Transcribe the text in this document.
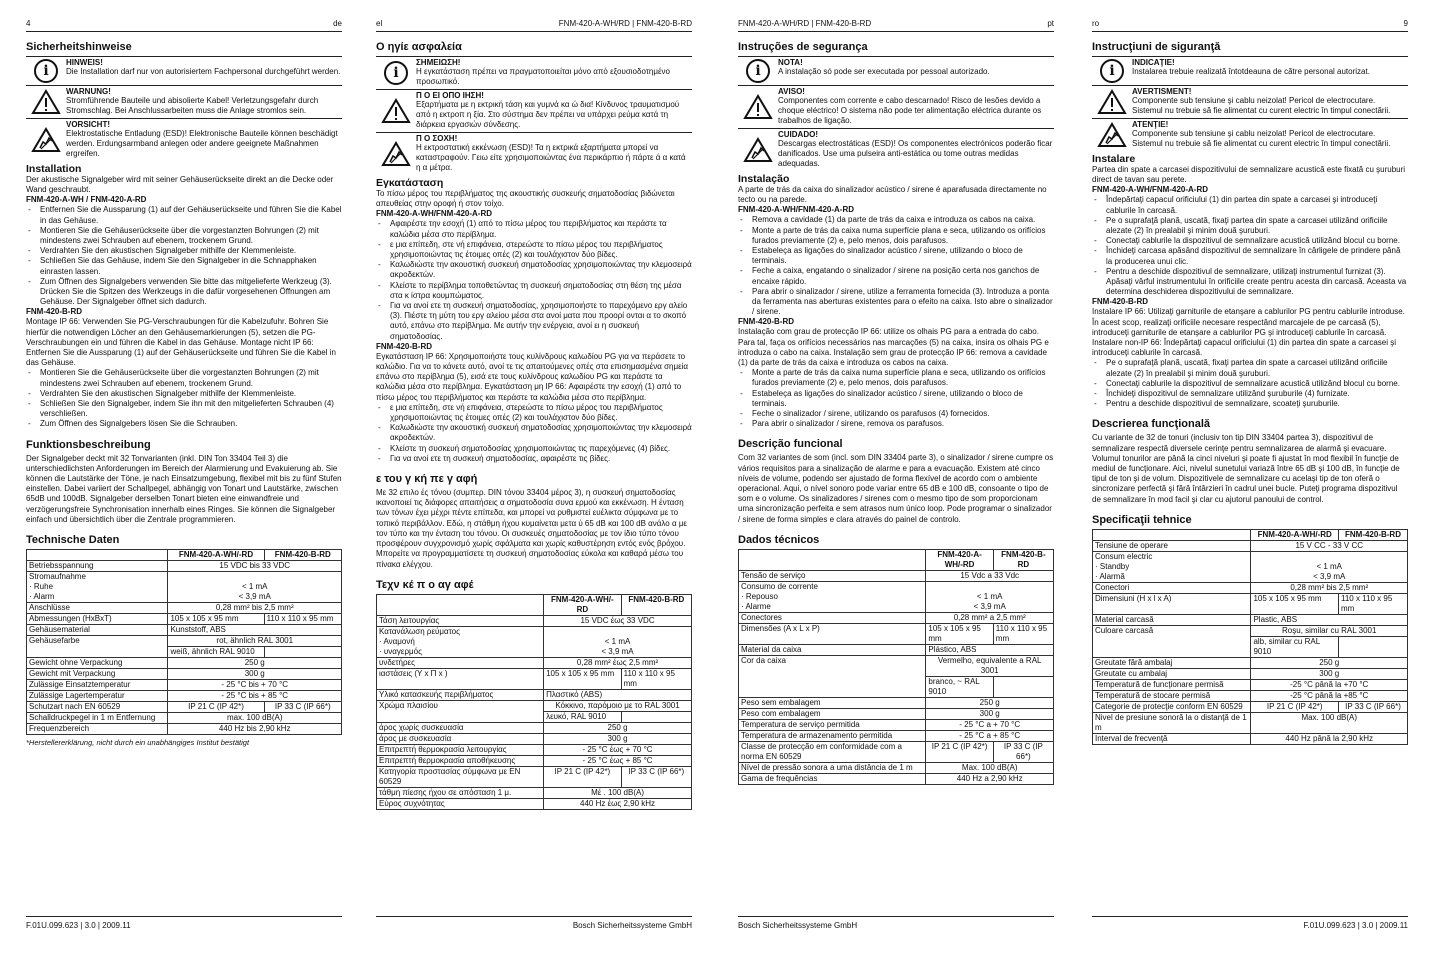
4	de
Sicherheitshinweise
i
HINWEIS!
Die Installation darf nur von autorisiertem Fachpersonal durchgeführt werden.
WARNUNG!
Stromführende Bauteile und abisolierte Kabel! Verletzungsgefahr durch Stromschlag. Bei Anschlussarbeiten muss die Anlage stromlos sein.
VORSICHT!
Elektrostatische Entladung (ESD)! Elektronische Bauteile können beschädigt werden. Erdungsarmband anlegen oder andere geeignete Maßnahmen ergreifen.
Installation

Der akustische Signalgeber wird mit seiner Gehäuserückseite direkt an die Decke oder Wand geschraubt.

FNM-420-A-WH / FNM-420-A-RD
- Entfernen Sie die Aussparung (1) auf der Gehäuserückseite und führen Sie die Kabel in das Gehäuse.
- Montieren Sie die Gehäuserückseite über die vorgestanzten Bohrungen (2) mit mindestens zwei Schrauben auf ebenem, trockenem Grund.
- Verdrahten Sie den akustischen Signalgeber mithilfe der Klemmenleiste.
- Schließen Sie das Gehäuse, indem Sie den Signalgeber in die Schnapphaken einrasten lassen.
- Zum Öffnen des Signalgebers verwenden Sie bitte das mitgelieferte Werkzeug (3). Drücken Sie die Spitzen des Werkzeugs in die dafür vorgesehenen Öffnungen am Gehäuse. Der Signalgeber öffnet sich dadurch.
FNM-420-B-RD

Montage IP 66: Verwenden Sie PG-Verschraubungen für die Kabelzufuhr. Bohren Sie hierfür die notwendigen Löcher an den Gehäusemarkierungen (5), setzen die PG-Verschraubungen ein und führen die Kabel in das Gehäuse. Montage nicht IP 66: Entfernen Sie die Aussparung (1) auf der Gehäuserückseite und führen Sie die Kabel in das Gehäuse.

- Montieren Sie die Gehäuserückseite über die vorgestanzten Bohrungen (2) mit mindestens zwei Schrauben auf ebenem, trockenem Grund.
- Verdrahten Sie den akustischen Signalgeber mithilfe der Klemmenleiste.
- Schließen Sie den Signalgeber, indem Sie ihn mit den mitgelieferten Schrauben (4) verschließen.
- Zum Öffnen des Signalgebers lösen Sie die Schrauben.
Funktionsbeschreibung

Der Signalgeber deckt mit 32 Tonvarianten (inkl. DIN Ton 33404 Teil 3) die unterschiedlichsten Anforderungen im Bereich der Alarmierung und Evakuierung ab. Sie können die Lautstärke der Töne, je nach Einsatzumgebung, flexibel mit bis zu fünf Stufen einstellen. Dabei variiert der Schallpegel, abhängig von Tonart und Lautstärke, zwischen 65dB und 100dB. Signalgeber derselben Tonart bieten eine einwandfreie und verzögerungsfreie Synchronisation innerhalb eines Ringes. Sie können die Signalgeber einfach und übersichtlich über die Zentrale programmieren.

Technische Daten
	FNM-420-A-WH/-RD	FNM-420-B-RD
Betriebsspannung	15 VDC bis 33 VDC	
Stromaufnahme
· Ruhe
· Alarm	< 1 mA
< 3,9 mA	
Anschlüsse	0,28 mm² bis 2,5 mm²	
Abmessungen (HxBxT)	105 x 105 x 95 mm	110 x 110 x 95 mm
Gehäusematerial	Kunststoff, ABS	
Gehäusefarbe	rot, ähnlich RAL 3001	
	weiß, ähnlich RAL 9010	
Gewicht ohne Verpackung	250 g	
Gewicht mit Verpackung	300 g	
Zulässige Einsatztemperatur	- 25 °C bis + 70 °C	
Zulässige Lagertemperatur	- 25 °C bis + 85 °C	
Schutzart nach EN 60529	IP 21 C (IP 42*)	IP 33 C (IP 66*)
Schalldruckpegel in 1 m Entfernung	max. 100 dB(A)	
Frequenzbereich	440 Hz bis 2,90 kHz	
*Herstellererklärung, nicht durch ein unabhängiges Institut bestätigt
F.01U.099.623 | 3.0 | 2009.11
el	FNM-420-A-WH/RD | FNM-420-B-RD
Ο ηγίε ασφαλεία
i
ΣΗΜΕΙΩΣΗ!
Η εγκατάσταση πρέπει να πραγματοποιείται μόνο από εξουσιοδοτημένο προσωπικό.
Π Ο ΕΙ ΟΠΟ ΙΗΣΗ!
Εξαρτήματα με η εκτρική τάση και γυμνά κα ώ δια! Κίνδυνος τραυματισμού από η εκτροπ η ξία. Στο σύστημα δεν πρέπει να υπάρχει ρεύμα κατά τη διάρκεια εργασιών σύνδεσης.
Π Ο ΣΟΧΗ!
Η εκτροστατική εκκένωση (ESD)! Τα η εκτρικά εξαρτήματα μπορεί να καταστραφούν. Γειω είτε χρησιμοποιώντας ένα περικάρπιο ή πάρτε ά α κατά η α μέτρα.
Εγκατάσταση

Το πίσω μέρος του περιβλήματος της ακουστικής συσκευής σηματοδοσίας βιδώνεται απευθείας στην οροφή ή στον τοίχο.

FNM-420-A-WH/FNM-420-A-RD
- Αφαιρέστε την εσοχή (1) από το πίσω μέρος του περιβλήματος και περάστε τα καλώδια μέσα στο περίβλημα.
- ε μια επίπεδη, στε νή επιφάνεια, στερεώστε το πίσω μέρος του περιβλήματος χρησιμοποιώντας τις έτοιμες οπές (2) και τουλάχιστον δύο βίδες.
- Καλωδιώστε την ακουστική συσκευή σηματοδοσίας χρησιμοποιώντας την κλεμοσειρά ακροδεκτών.
- Κλείστε το περίβλημα τοποθετώντας τη συσκευή σηματοδοσίας στη θέση της μέσα στα κ ίστρα κουμπώματος.
- Για να ανοί ετε τη συσκευή σηματοδοσίας, χρησιμοποιήστε το παρεχόμενο εργ αλείο (3). Πιέστε τη μύτη του εργ αλείου μέσα στα ανοί ματα που προορί ονται α το σκοπό αυτό, επάνω στο περίβλημα. Με αυτήν την ενέργεια, ανοί ει η συσκευή σηματοδοσίας.
FNM-420-B-RD

Εγκατάσταση IP 66: Χρησιμοποιήστε τους κυλίνδρους καλωδίου PG για να περάσετε το καλώδιο. Για να το κάνετε αυτό, ανοί τε τις απαιτούμενες οπές στα επισημασμένα σημεία επάνω στο περίβλημα (5), εισά ετε τους κυλίνδρους καλωδίου PG και περάστε τα καλώδια μέσα στο περίβλημα. Εγκατάσταση μη IP 66: Αφαιρέστε την εσοχή (1) από το πίσω μέρος του περιβλήματος και περάστε τα καλώδια μέσα στο περίβλημα.

- ε μια επίπεδη, στε νή επιφάνεια, στερεώστε το πίσω μέρος του περιβλήματος χρησιμοποιώντας τις έτοιμες οπές (2) και τουλάχιστον δύο βίδες.
- Καλωδιώστε την ακουστική συσκευή σηματοδοσίας χρησιμοποιώντας την κλεμοσειρά ακροδεκτών.
- Κλείστε τη συσκευή σηματοδοσίας χρησιμοποιώντας τις παρεχόμενες (4) βίδες.
- Για να ανοί ετε τη συσκευή σηματοδοσίας, αφαιρέστε τις βίδες.
ε του γ κή πε γ αφή

Με 32 επιλο ές τόνου (συμπερ. DIN τόνου 33404 μέρος 3), η συσκευή σηματοδοσίας ικανοποιεί τις διάφορες απαιτήσεις α σηματοδοσία συνα ερμού και εκκένωση. Η ένταση των τόνων έχει μέχρι πέντε επίπεδα, και μπορεί να ρυθμιστεί ευέλικτα σύμφωνα με το τοπικό περιβάλλον. Εδώ, η στάθμη ήχου κυμαίνεται μετα ύ 65 dB και 100 dB ανάλο α με τον τύπο και την ένταση του τόνου. Οι συσκευές σηματοδοσίας με τον ίδιο τύπο τόνου προσφέρουν συγχρονισμό χωρίς σφάλματα και χωρίς καθυστέρηση εντός ενός βρόχου. Μπορείτε να προγραμματίσετε τη συσκευή σηματοδοσίας εύκολα και καθαρά μέσω του πίνακα ελέγχου.

Τεχν κέ π ο αγ αφέ
	FNM-420-A-WH/-RD	FNM-420-B-RD
Τάση λειτουργίας	15 VDC έως 33 VDC	
Κατανάλωση ρεύματος
· Αναμονή
· υναγερμός	< 1 mA
< 3,9 mA	
υνδετήρες	0,28 mm² έως 2,5 mm²	
ιαστάσεις (Υ x Π x )	105 x 105 x 95 mm	110 x 110 x 95 mm
Υλικό κατασκευής περιβλήματος	Πλαστικό (ABS)	
Χρώμα πλαισίου	Κόκκινο, παρόμοιο με το RAL 3001	
	λευκό, RAL 9010	
άρος χωρίς συσκευασία	250 g	
άρος με συσκευασία	300 g	
Επιτρεπτή θερμοκρασία λειτουργίας	- 25 °C έως + 70 °C	
Επιτρεπτή θερμοκρασία αποθήκευσης	- 25 °C έως + 85 °C	
Κατηγορία προστασίας σύμφωνα με EN 60529	IP 21 C (IP 42*)	IP 33 C (IP 66*)
τάθμη πίεσης ήχου σε απόσταση 1 μ.	Μέ . 100 dB(A)	
Εύρος συχνότητας	440 Hz έως 2,90 kHz	
Bosch Sicherheitssysteme GmbH
FNM-420-A-WH/RD | FNM-420-B-RD	pt
Instruções de segurança
i
NOTA!
A instalação só pode ser executada por pessoal autorizado.
AVISO!
Componentes com corrente e cabo descarnado! Risco de lesões devido a choque eléctrico! O sistema não pode ter alimentação eléctrica durante os trabalhos de ligação.
CUIDADO!
Descargas electrostáticas (ESD)! Os componentes electrónicos poderão ficar danificados. Use uma pulseira anti-estática ou tome outras medidas adequadas.
Instalação

A parte de trás da caixa do sinalizador acústico / sirene é aparafusada directamente no tecto ou na parede.

FNM-420-A-WH/FNM-420-A-RD
- Remova a cavidade (1) da parte de trás da caixa e introduza os cabos na caixa.
- Monte a parte de trás da caixa numa superfície plana e seca, utilizando os orifícios furados previamente (2) e, pelo menos, dois parafusos.
- Estabeleça as ligações do sinalizador acústico / sirene, utilizando o bloco de terminais.
- Feche a caixa, engatando o sinalizador / sirene na posição certa nos ganchos de encaixe rápido.
- Para abrir o sinalizador / sirene, utilize a ferramenta fornecida (3). Introduza a ponta da ferramenta nas aberturas existentes para o efeito na caixa. Isto abre o sinalizador / sirene.
FNM-420-B-RD

Instalação com grau de protecção IP 66: utilize os olhais PG para a entrada do cabo. Para tal, faça os orifícios necessários nas marcações (5) na caixa, insira os olhais PG e introduza o cabo na caixa. Instalação sem grau de protecção IP 66: remova a cavidade (1) da parte de trás da caixa e introduza os cabos na caixa.

- Monte a parte de trás da caixa numa superfície plana e seca, utilizando os orifícios furados previamente (2) e, pelo menos, dois parafusos.
- Estabeleça as ligações do sinalizador acústico / sirene, utilizando o bloco de terminais.
- Feche o sinalizador / sirene, utilizando os parafusos (4) fornecidos.
- Para abrir o sinalizador / sirene, remova os parafusos.
Descrição funcional

Com 32 variantes de som (incl. som DIN 33404 parte 3), o sinalizador / sirene cumpre os vários requisitos para a sinalização de alarme e para a evacuação. Existem até cinco níveis de volume, podendo ser ajustado de forma flexível de acordo com o ambiente operacional. Aqui, o nível sonoro pode variar entre 65 dB e 100 dB, consoante o tipo de som e o volume. Os sinalizadores / sirenes com o mesmo tipo de som proporcionam uma sincronização perfeita e sem atrasos num único loop. Pode programar o sinalizador / sirene de forma simples e clara através do painel de controlo.

Dados técnicos
	FNM-420-A-WH/-RD	FNM-420-B-RD
Tensão de serviço	15 Vdc a 33 Vdc	
Consumo de corrente
· Repouso
· Alarme	< 1 mA
< 3,9 mA	
Conectores	0,28 mm² a 2,5 mm²	
Dimensões (A x L x P)	105 x 105 x 95 mm	110 x 110 x 95 mm
Material da caixa	Plástico, ABS	
Cor da caixa	Vermelho, equivalente a RAL 3001	
	branco, ~ RAL 9010	
Peso sem embalagem	250 g	
Peso com embalagem	300 g	
Temperatura de serviço permitida	- 25 °C a + 70 °C	
Temperatura de armazenamento permitida	- 25 °C a + 85 °C	
Classe de protecção em conformidade com a norma EN 60529	IP 21 C (IP 42*)	IP 33 C (IP 66*)
Nível de pressão sonora a uma distância de 1 m	Max. 100 dB(A)	
Gama de frequências	440 Hz a 2,90 kHz	
Bosch Sicherheitssysteme GmbH
ro	9
Instrucţiuni de siguranţă
i
INDICAŢIE!
Instalarea trebuie realizată întotdeauna de către personal autorizat.
AVERTISMENT!
Componente sub tensiune şi cablu neizolat! Pericol de electrocutare. Sistemul nu trebuie să fie alimentat cu curent electric în timpul conectării.
ATENŢIE!
Componente sub tensiune şi cablu neizolat! Pericol de electrocutare. Sistemul nu trebuie să fie alimentat cu curent electric în timpul conectării.
Instalare

Partea din spate a carcasei dispozitivului de semnalizare acustică este fixată cu şuruburi direct de tavan sau perete.

FNM-420-A-WH/FNM-420-A-RD
- Îndepărtaţi capacul orificiului (1) din partea din spate a carcasei şi introduceţi cablurile în carcasă.
- Pe o suprafaţă plană, uscată, fixaţi partea din spate a carcasei utilizând orificiile alezate (2) în prealabil şi minim două şuruburi.
- Conectaţi cablurile la dispozitivul de semnalizare acustică utilizând blocul cu borne.
- Închideţi carcasa apăsând dispozitivul de semnalizare în cârligele de prindere până la producerea unui clic.
- Pentru a deschide dispozitivul de semnalizare, utilizaţi instrumentul furnizat (3). Apăsaţi vârful instrumentului în orificiile create pentru acesta din carcasă. Aceasta va determina deschiderea dispozitivului de semnalizare.
FNM-420-B-RD

Instalare IP 66: Utilizaţi garniturile de etanşare a cablurilor PG pentru cablurile introduse. În acest scop, realizaţi orificiile necesare respectând marcajele de pe carcasă (5), introduceţi garniturile de etanşare a cablurilor PG şi introduceţi cablurile în carcasă. Instalare non-IP 66: Îndepărtaţi capacul orificiului (1) din partea din spate a carcasei şi introduceţi cablurile în carcasă.

- Pe o suprafaţă plană, uscată, fixaţi partea din spate a carcasei utilizând orificiile alezate (2) în prealabil şi minim două şuruburi.
- Conectaţi cablurile la dispozitivul de semnalizare acustică utilizând blocul cu borne.
- Închideţi dispozitivul de semnalizare utilizând şuruburile (4) furnizate.
- Pentru a deschide dispozitivul de semnalizare, scoateţi şuruburile.
Descrierea funcţională

Cu variante de 32 de tonuri (inclusiv ton tip DIN 33404 partea 3), dispozitivul de semnalizare respectă diversele cerinţe pentru semnalizarea de alarmă şi evacuare. Volumul tonurilor are până la cinci niveluri şi poate fi ajustat în mod flexibil în funcţie de mediul de funcţionare. Aici, nivelul sunetului variază între 65 dB şi 100 dB, în funcţie de tipul de ton şi de volum. Dispozitivele de semnalizare cu acelaşi tip de ton oferă o sincronizare perfectă şi fără întârzieri în cadrul unei bucle. Puteţi programa dispozitivul de semnalizare în mod facil şi clar cu ajutorul panoului de control.

Specificaţii tehnice
	FNM-420-A-WH/-RD	FNM-420-B-RD
Tensiune de operare	15 V CC - 33 V CC	
Consum electric
· Standby
· Alarmă	< 1 mA
< 3,9 mA	
Conectori	0,28 mm² bis 2,5 mm²	
Dimensiuni (H x l x A)	105 x 105 x 95 mm	110 x 110 x 95 mm
Material carcasă	Plastic, ABS	
Culoare carcasă	Roşu, similar cu RAL 3001	
	alb, similar cu RAL 9010	
Greutate fără ambalaj	250 g	
Greutate cu ambalaj	300 g	
Temperatură de funcţionare permisă	-25 °C până la +70 °C	
Temperatură de stocare permisă	-25 °C până la +85 °C	
Categorie de protecţie conform EN 60529	IP 21 C (IP 42*)	IP 33 C (IP 66*)
Nivel de presiune sonoră la o distanţă de 1 m	Max. 100 dB(A)	
Interval de frecvenţă	440 Hz până la 2,90 kHz	
F.01U.099.623 | 3.0 | 2009.11
